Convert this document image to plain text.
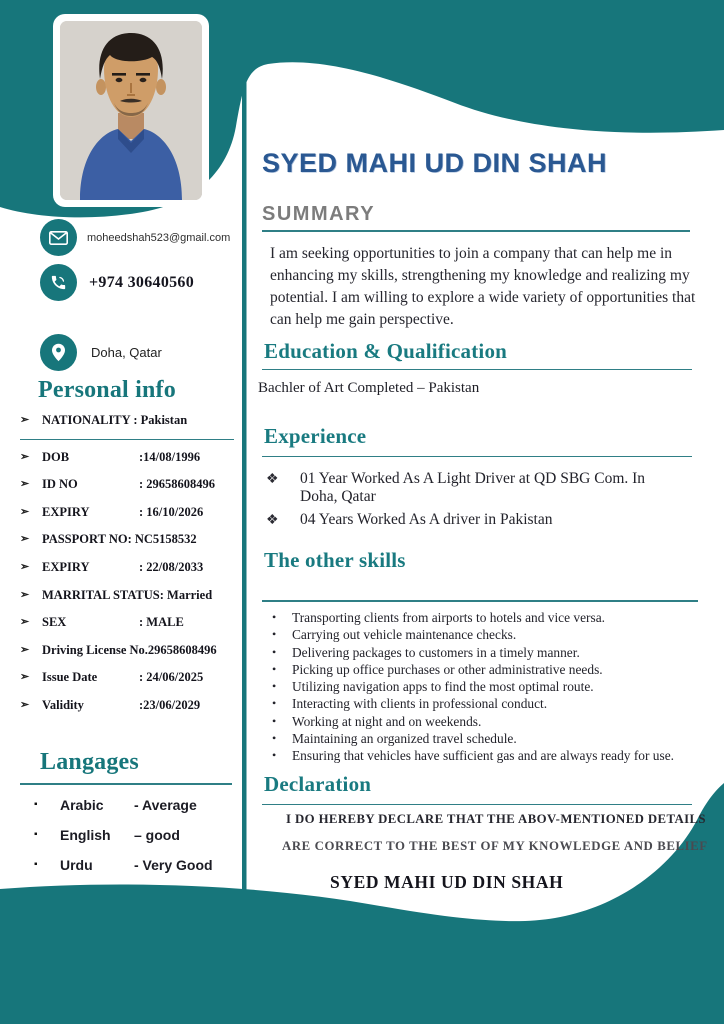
moheedshah523@gmail.com
+974 30640560
Doha, Qatar
Personal info
➢	NATIONALITY :
Pakistan
➢	DOB	:14/08/1996
➢	ID NO	: 29658608496
➢	EXPIRY	: 16/10/2026
➢	PASSPORT NO:
NC5158532
➢	EXPIRY	: 22/08/2033
➢	MARRITAL STATUS:
Married
➢	SEX	: MALE
➢	Driving License
No.29658608496
➢	Issue Date	: 24/06/2025
➢	Validity	:23/06/2029
Langages
▪	Arabic	- Average
▪	English	– good
▪	Urdu	- Very Good
SYED MAHI UD DIN SHAH
SUMMARY
I am seeking opportunities to join a company that can help me in enhancing my skills, strengthening my knowledge and realizing my potential. I am willing to explore a wide variety of opportunities that can help me gain perspective.
Education & Qualification
Bachler of Art Completed – Pakistan
Experience
❖	01 Year Worked As A Light Driver at QD SBG Com. In Doha, Qatar
❖	04 Years Worked As A driver in Pakistan
The other skills
•	Transporting clients from airports to hotels and vice versa.
•	Carrying out vehicle maintenance checks.
•	Delivering packages to customers in a timely manner.
•	Picking up office purchases or other administrative needs.
•	Utilizing navigation apps to find the most optimal route.
•	Interacting with clients in professional conduct.
•	Working at night and on weekends.
•	Maintaining an organized travel schedule.
•	Ensuring that vehicles have sufficient gas and are always ready for use.
Declaration
I DO HEREBY DECLARE THAT THE ABOV-MENTIONED DETAILS
ARE CORRECT TO THE BEST OF MY KNOWLEDGE AND BELIEF
SYED MAHI UD DIN SHAH
